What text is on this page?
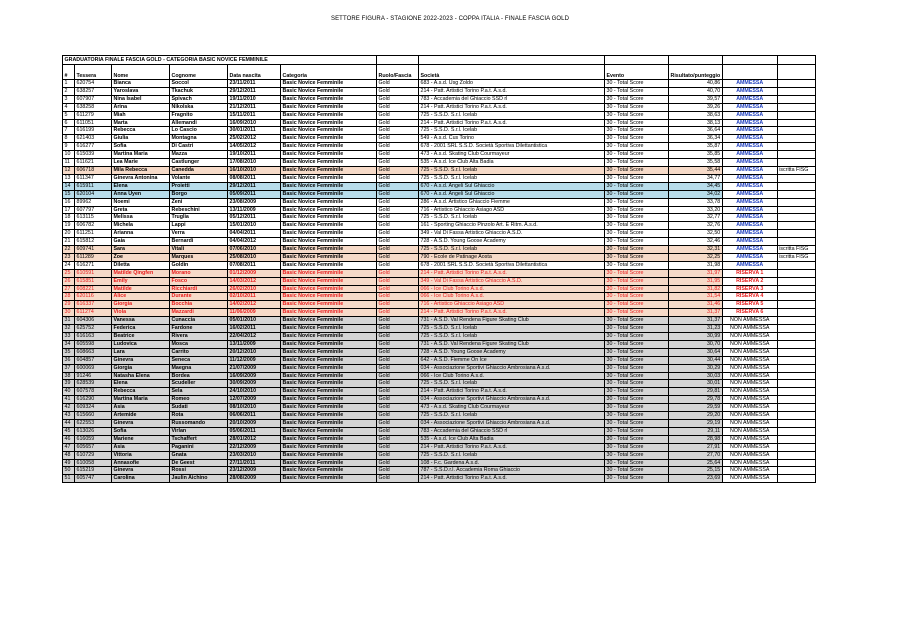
SETTORE FIGURA - STAGIONE 2022-2023 - COPPA ITALIA - FINALE FASCIA GOLD
GRADUATORIA FINALE FASCIA GOLD - CATEGORIA BASIC NOVICE FEMMINILE											
#	Tessera	Nome	Cognome	Data nascita	Categoria	Ruolo/Fascia	Società	Evento	Risultato/punteggio		
1	620754	Bianca	Soccol	23/11/2011	Basic Novice Femminile	Gold	683 - A.s.d. Usg Zoldo	30 - Total Score	40,86	AMMESSA	
2	638257	Yaroslava	Tkachuk	29/12/2011	Basic Novice Femminile	Gold	214 - Patt. Artistici Torino P.a.t. A.s.d.	30 - Total Score	40,70	AMMESSA	
3	607907	Nina Isabel	Spivach	19/11/2010	Basic Novice Femminile	Gold	783 - Accademia del Ghiaccio SSD rl	30 - Total Score	39,57	AMMESSA	
4	638258	Arina	Nikolska	21/12/2011	Basic Novice Femminile	Gold	214 - Patt. Artistici Torino P.a.t. A.s.d.	30 - Total Score	39,26	AMMESSA	
5	611279	Miah	Fragnito	15/11/2011	Basic Novice Femminile	Gold	725 - S.S.D. S.r.l. Icelab	30 - Total Score	38,63	AMMESSA	
6	611051	Marta	Allemandi	16/09/2010	Basic Novice Femminile	Gold	214 - Patt. Artistici Torino P.a.t. A.s.d.	30 - Total Score	38,13	AMMESSA	
7	616199	Rebecca	Lo Cascio	30/01/2011	Basic Novice Femminile	Gold	725 - S.S.D. S.r.l. Icelab	30 - Total Score	36,64	AMMESSA	
8	621403	Giulia	Montagna	25/02/2012	Basic Novice Femminile	Gold	549 - A.s.d. Cus Torino	30 - Total Score	36,34	AMMESSA	
9	616277	Sofia	Di Castri	14/05/2012	Basic Novice Femminile	Gold	678 - 2001 SRL S.S.D. Società Sportiva Dilettantistica	30 - Total Score	35,87	AMMESSA	
10	615039	Martina Maria	Mazza	19/10/2011	Basic Novice Femminile	Gold	473 - A.s.d. Skating Club Courmayeur	30 - Total Score	35,85	AMMESSA	
11	611621	Lea Marie	Castlunger	17/08/2010	Basic Novice Femminile	Gold	535 - A.s.d. Ice Club Alta Badia	30 - Total Score	35,58	AMMESSA	
12	606718	Mila Rebecca	Canedda	16/10/2010	Basic Novice Femminile	Gold	725 - S.S.D. S.r.l. Icelab	30 - Total Score	35,44	AMMESSA	iscritta FISG
13	611347	Ginevra Antonina	Volante	08/08/2011	Basic Novice Femminile	Gold	725 - S.S.D. S.r.l. Icelab	30 - Total Score	34,77	AMMESSA	
14	615911	Elena	Proietti	29/12/2011	Basic Novice Femminile	Gold	670 - A.s.d. Angeli Sul Ghiaccio	30 - Total Score	34,45	AMMESSA	
15	620104	Anna Uyen	Borgo	05/09/2011	Basic Novice Femminile	Gold	670 - A.s.d. Angeli Sul Ghiaccio	30 - Total Score	34,02	AMMESSA	
16	89962	Noemi	Zeni	23/08/2009	Basic Novice Femminile	Gold	286 - A.s.d. Artistico Ghiaccio Fiemme	30 - Total Score	33,78	AMMESSA	
17	607797	Greta	Rebeschini	13/11/2009	Basic Novice Femminile	Gold	716 - Artistico Ghiaccio Asiago ASD	30 - Total Score	33,20	AMMESSA	
18	613115	Melissa	Truglia	05/12/2011	Basic Novice Femminile	Gold	725 - S.S.D. S.r.l. Icelab	30 - Total Score	32,77	AMMESSA	
19	606782	Michela	Lappi	15/01/2010	Basic Novice Femminile	Gold	161 - Sporting Ghiaccio Pinzolo Art. E Ritm. A.s.d.	30 - Total Score	32,76	AMMESSA	
20	611251	Arianna	Verra	04/04/2011	Basic Novice Femminile	Gold	349 - Val Di Fassa Artistico Ghiaccio A.S.D.	30 - Total Score	32,50	AMMESSA	
21	615812	Gaia	Bernardi	04/04/2012	Basic Novice Femminile	Gold	728 - A.S.D. Young Goose Academy	30 - Total Score	32,46	AMMESSA	
22	609741	Sara	Vitali	07/06/2010	Basic Novice Femminile	Gold	725 - S.S.D. S.r.l. Icelab	30 - Total Score	32,31	AMMESSA	iscritta FISG
23	611289	Zoe	Marques	25/08/2010	Basic Novice Femminile	Gold	790 - Ecole de Patinage Aosta	30 - Total Score	32,25	AMMESSA	iscritta FISG
24	616271	Diletta	Goldin	07/08/2011	Basic Novice Femminile	Gold	678 - 2001 SRL S.S.D. Società Sportiva Dilettantistica	30 - Total Score	31,98	AMMESSA	
25	610591	Matilde Qingfen	Morano	01/12/2009	Basic Novice Femminile	Gold	214 - Patt. Artistici Torino P.a.t. A.s.d.	30 - Total Score	31,97	RISERVA 1	
26	615851	Emily	Fosco	14/03/2012	Basic Novice Femminile	Gold	349 - Val Di Fassa Artistico Ghiaccio A.S.D.	30 - Total Score	31,95	RISERVA 2	
27	608221	Matilde	Ricchiardi	26/02/2010	Basic Novice Femminile	Gold	066 - Ice Club Torino A.s.d.	30 - Total Score	31,82	RISERVA 3	
28	620116	Alice	Durante	02/10/2011	Basic Novice Femminile	Gold	066 - Ice Club Torino A.s.d.	30 - Total Score	31,54	RISERVA 4	
29	616337	Giorgia	Bocchia	14/02/2012	Basic Novice Femminile	Gold	716 - Artistico Ghiaccio Asiago ASD	30 - Total Score	31,46	RISERVA 5	
30	611274	Viola	Mazzardi	11/06/2009	Basic Novice Femminile	Gold	214 - Patt. Artistici Torino P.a.t. A.s.d.	30 - Total Score	31,37	RISERVA 6	
31	604306	Vanessa	Cunaccia	05/01/2010	Basic Novice Femminile	Gold	731 - A.S.D. Val Rendena Figure Skating Club	30 - Total Score	31,37	NON AMMESSA	
32	625752	Federica	Fardone	16/02/2011	Basic Novice Femminile	Gold	725 - S.S.D. S.r.l. Icelab	30 - Total Score	31,23	NON AMMESSA	
33	616163	Beatrice	Rivera	22/04/2012	Basic Novice Femminile	Gold	725 - S.S.D. S.r.l. Icelab	30 - Total Score	30,99	NON AMMESSA	
34	605598	Ludovica	Mosca	13/11/2009	Basic Novice Femminile	Gold	731 - A.S.D. Val Rendena Figure Skating Club	30 - Total Score	30,70	NON AMMESSA	
35	608663	Lara	Carrito	20/12/2010	Basic Novice Femminile	Gold	728 - A.S.D. Young Goose Academy	30 - Total Score	30,64	NON AMMESSA	
36	604857	Ginevra	Seneca	11/12/2009	Basic Novice Femminile	Gold	642 - A.S.D. Fiemme On Ice	30 - Total Score	30,44	NON AMMESSA	
37	600069	Giorgia	Maegna	21/07/2009	Basic Novice Femminile	Gold	034 - Associazione Sportivi Ghiaccio Ambrosiana A.s.d.	30 - Total Score	30,29	NON AMMESSA	
38	91246	Natasha Elena	Bordea	16/09/2009	Basic Novice Femminile	Gold	066 - Ice Club Torino A.s.d.	30 - Total Score	30,03	NON AMMESSA	
39	628539	Elena	Scudeller	30/09/2009	Basic Novice Femminile	Gold	725 - S.S.D. S.r.l. Icelab	30 - Total Score	30,01	NON AMMESSA	
40	607578	Rebecca	Sela	24/10/2010	Basic Novice Femminile	Gold	214 - Patt. Artistici Torino P.a.t. A.s.d.	30 - Total Score	29,81	NON AMMESSA	
41	616290	Martina Maria	Romeo	12/07/2009	Basic Novice Femminile	Gold	034 - Associazione Sportivi Ghiaccio Ambrosiana A.s.d.	30 - Total Score	29,78	NON AMMESSA	
42	609324	Asia	Sudati	08/10/2010	Basic Novice Femminile	Gold	473 - A.s.d. Skating Club Courmayeur	30 - Total Score	29,59	NON AMMESSA	
43	615660	Artemide	Rota	06/06/2011	Basic Novice Femminile	Gold	725 - S.S.D. S.r.l. Icelab	30 - Total Score	29,20	NON AMMESSA	
44	622553	Ginevra	Russomando	20/10/2009	Basic Novice Femminile	Gold	034 - Associazione Sportivi Ghiaccio Ambrosiana A.s.d.	30 - Total Score	29,19	NON AMMESSA	
45	613026	Sofia	Virlan	05/06/2011	Basic Novice Femminile	Gold	783 - Accademia del Ghiaccio SSD rl	30 - Total Score	29,11	NON AMMESSA	
46	616059	Mariene	Tschaffert	28/01/2012	Basic Novice Femminile	Gold	535 - A.s.d. Ice Club Alta Badia	30 - Total Score	28,98	NON AMMESSA	
47	605657	Asia	Paganini	22/12/2009	Basic Novice Femminile	Gold	214 - Patt. Artistici Torino P.a.t. A.s.d.	30 - Total Score	27,91	NON AMMESSA	
48	610729	Vittoria	Gnata	23/03/2010	Basic Novice Femminile	Gold	725 - S.S.D. S.r.l. Icelab	30 - Total Score	27,70	NON AMMESSA	
49	610058	Annasofie	De Geest	27/11/2011	Basic Novice Femminile	Gold	108 - F.c. Gardena A.s.d.	30 - Total Score	25,64	NON AMMESSA	
50	615219	Ginevra	Rossi	23/12/2009	Basic Novice Femminile	Gold	787 - S.S.D.r.l. Accademia Roma Ghiaccio	30 - Total Score	25,15	NON AMMESSA	
51	605747	Carolina	Jaulin Aichino	28/08/2009	Basic Novice Femminile	Gold	214 - Patt. Artistici Torino P.a.t. A.s.d.	30 - Total Score	23,69	NON AMMESSA	
